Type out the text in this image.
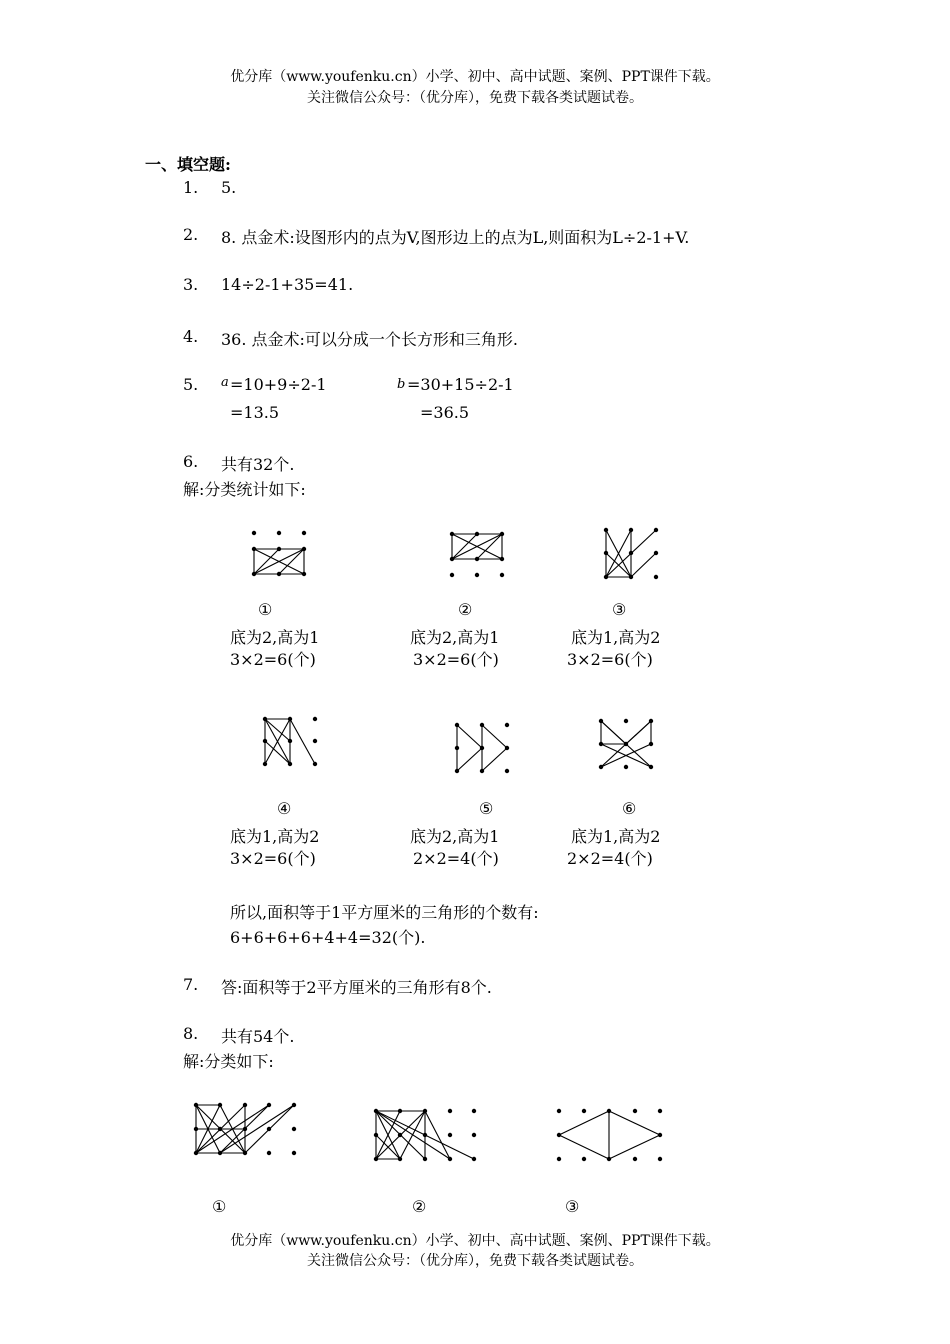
优分库（www.youfenku.cn）小学、初中、高中试题、案例、PPT课件下载。
关注微信公众号：（优分库），免费下载各类试题试卷。
一、填空题:
1. 5.
2. 8. 点金术:设图形内的点为V,图形边上的点为L,则面积为L÷2-1+V.
3. 14÷2-1+35=41.
4. 36. 点金术:可以分成一个长方形和三角形.
5. a =10+9÷2-1
=13.5
b =30+15÷2-1
=36.5
6. 共有32个.
解:分类统计如下:
①
底为2,高为1
3×2=6(个)
②
底为2,高为1
3×2=6(个)
③
底为1,高为2
3×2=6(个)
④
底为1,高为2
3×2=6(个)
⑤
底为2,高为1
2×2=4(个)
⑥
底为1,高为2
2×2=4(个)
所以,面积等于1平方厘米的三角形的个数有:
6+6+6+6+4+4=32(个).
7. 答:面积等于2平方厘米的三角形有8个.
8. 共有54个.
解:分类如下:
①	②	③
优分库（www.youfenku.cn）小学、初中、高中试题、案例、PPT课件下载。
关注微信公众号：（优分库），免费下载各类试题试卷。
